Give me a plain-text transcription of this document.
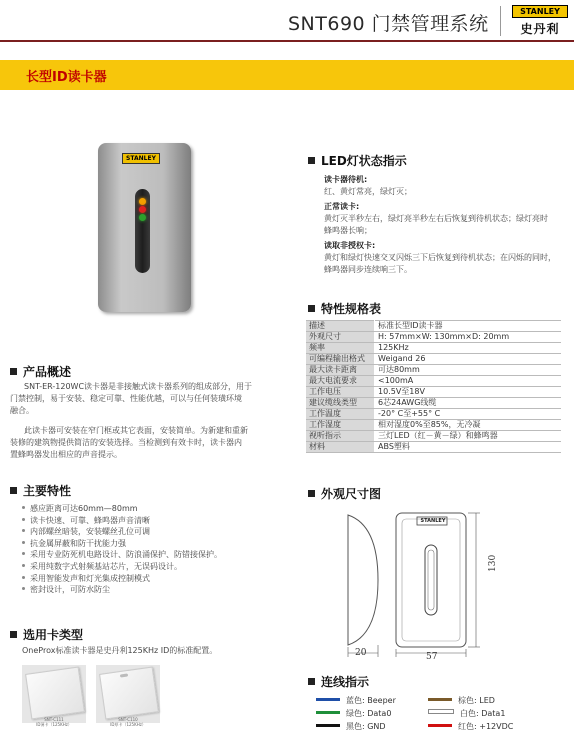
SNT690 门禁管理系统
STANLEY
史丹利
长型ID读卡器
STANLEY	LED灯状态指示
读卡器待机:
红、黄灯常亮，绿灯灭；
正常读卡:
黄灯灭半秒左右，绿灯亮半秒左右后恢复到待机状态；绿灯亮时
蜂鸣器长响；
读取非授权卡:
黄灯和绿灯快速交叉闪烁三下后恢复到待机状态；在闪烁的同时，
蜂鸣器同步连续响三下。
特性规格表
描述	标准长型ID读卡器
外观尺寸	H: 57mm×W: 130mm×D: 20mm
频率	125KHz
可编程输出格式	Weigand 26
最大读卡距离	可达80mm
最大电流要求	<100mA
工作电压	10.5V至18V
建议缆线类型	6芯24AWG线缆
工作温度	-20° C至+55° C
工作湿度	相对湿度0%至85%，无冷凝
视听指示	三灯LED（红－黄－绿）和蜂鸣器
材料	ABS塑料
产品概述
SNT-ER-120WC读卡器是非接触式读卡器系列的组成部分，用于
门禁控制，易于安装、稳定可靠、性能优越，可以与任何装璜环境
融合。
此读卡器可安装在窄门框或其它表面，安装简单。为新建和重新
装修的建筑物提供简洁的安装选择。当检测到有效卡时，读卡器内
置蜂鸣器发出相应的声音提示。
主要特性
感应距离可达60mm—80mm
读卡快速、可靠、蜂鸣器声音清晰
内部螺丝暗装，安装螺丝孔位可调
抗金属屏蔽和防干扰能力强
采用专业防死机电路设计、防浪涌保护、防错接保护。
采用纯数字式射频基站芯片，无误码设计。
采用智能发声和灯光集成控制模式
密封设计，可防水防尘
选用卡类型
OneProx标准读卡器是史丹利125KHz ID的标准配置。
SNT-C111
ID薄卡（125KHz）
SNT-C110
ID厚卡（125KHz）
外观尺寸图
STANLEY
20	57
130
连线指示
蓝色: Beeper	棕色: LED
绿色: Data0	白色: Data1
黑色: GND	红色: +12VDC
